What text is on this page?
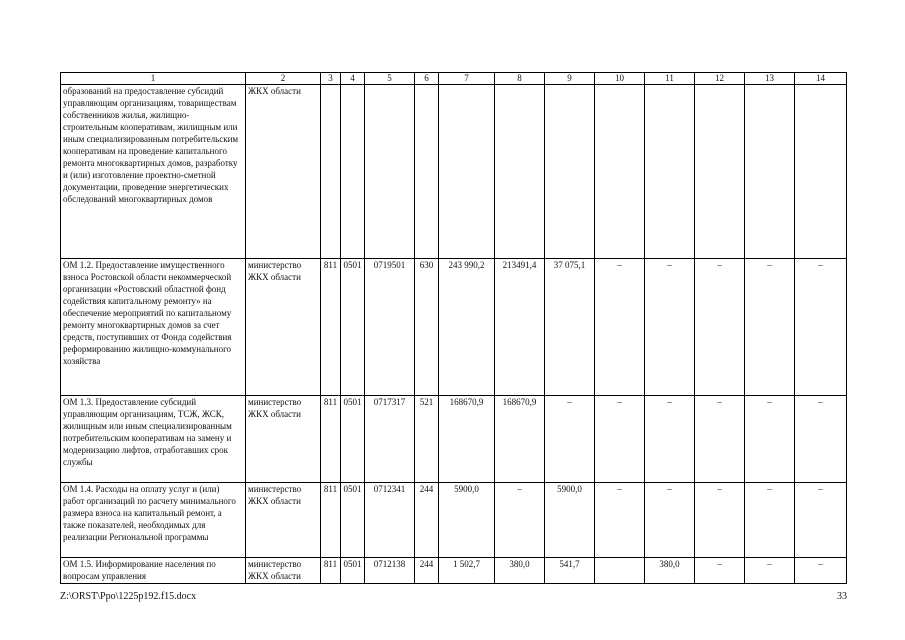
1	2	3	4	5	6	7	8	9	10	11	12	13	14
образований на предоставление субсидий управляющим организациям, товариществам собственников жилья, жилищно-строительным кооперативам, жилищным или иным специализированным потребительским кооперативам на проведение капитального ремонта многоквартирных домов, разработку и (или) изготовление проектно-сметной документации, проведение энергетических обследований многоквартирных домов	ЖКХ области												
ОМ 1.2. Предоставление имущественного взноса Ростовской области некоммерческой организации «Ростовский областной фонд содействия капитальному ремонту» на обеспечение мероприятий по капитальному ремонту многоквартирных домов за счет средств, поступивших от Фонда содействия реформированию жилищно-коммунального хозяйства	министерство ЖКХ области	811	0501	0719501	630	243 990,2	213491,4	37 075,1	–	–	–	–	–
ОМ 1.3. Предоставление субсидий управляющим организациям, ТСЖ, ЖСК, жилищным или иным специализированным потребительским кооперативам на замену и модернизацию лифтов, отработавших срок службы	министерство ЖКХ области	811	0501	0717317	521	168670,9	168670,9	–	–	–	–	–	–
ОМ 1.4. Расходы на оплату услуг и (или) работ организаций по расчету минимального размера взноса на капитальный ремонт, а также показателей, необходимых для реализации Региональной программы	министерство ЖКХ области	811	0501	0712341	244	5900,0	–	5900,0	–	–	–	–	–
ОМ 1.5. Информирование населения по вопросам управления	министерство ЖКХ области	811	0501	0712138	244	1 502,7	380,0	541,7		380,0	–	–	–
Z:\ORST\Ppo\1225p192.f15.docx	33
